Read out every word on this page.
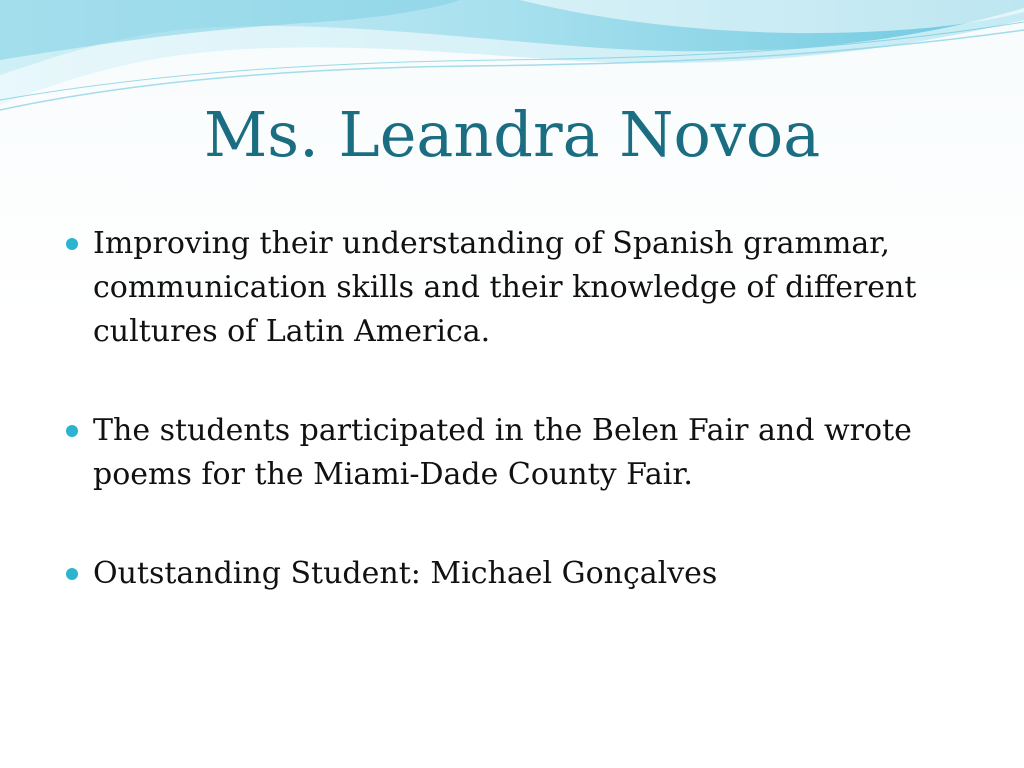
Ms. Leandra Novoa
Improving their understanding of Spanish grammar, communication skills and their knowledge of different cultures of Latin America.
The students participated in the Belen Fair and wrote poems for the Miami-Dade County Fair.
Outstanding Student: Michael Gonçalves
